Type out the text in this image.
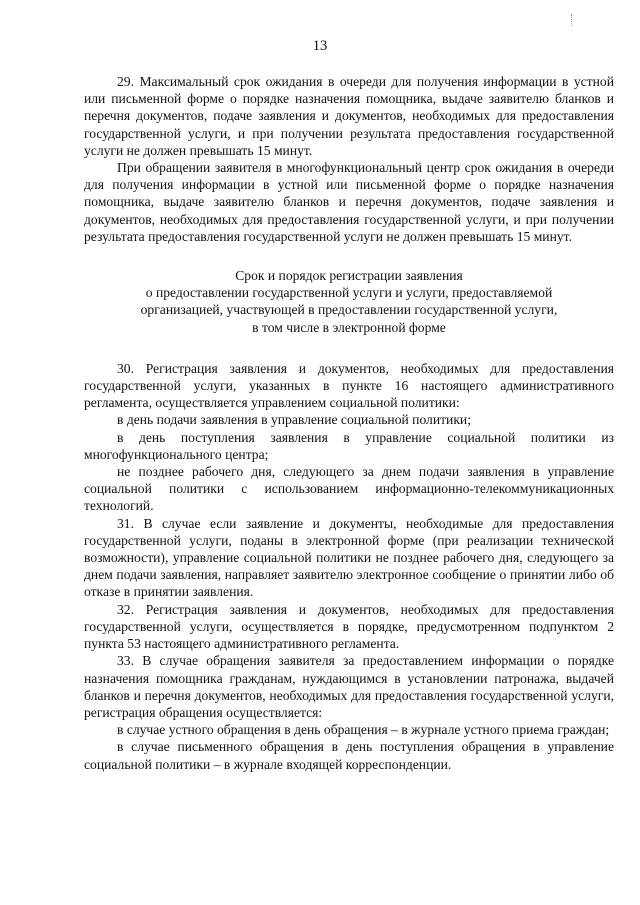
13

29. Максимальный срок ожидания в очереди для получения информации в устной или письменной форме о порядке назначения помощника, выдаче заявителю бланков и перечня документов, подаче заявления и документов, необходимых для предоставления государственной услуги, и при получении результата предоставления государственной услуги не должен превышать 15 минут.

При обращении заявителя в многофункциональный центр срок ожидания в очереди для получения информации в устной или письменной форме о порядке назначения помощника, выдаче заявителю бланков и перечня документов, подаче заявления и документов, необходимых для предоставления государственной услуги, и при получении результата предоставления государственной услуги не должен превышать 15 минут.

Срок и порядок регистрации заявления
о предоставлении государственной услуги и услуги, предоставляемой
организацией, участвующей в предоставлении государственной услуги,
в том числе в электронной форме

30. Регистрация заявления и документов, необходимых для предоставления государственной услуги, указанных в пункте 16 настоящего административного регламента, осуществляется управлением социальной политики:

в день подачи заявления в управление социальной политики;

в день поступления заявления в управление социальной политики из многофункционального центра;

не позднее рабочего дня, следующего за днем подачи заявления в управление социальной политики с использованием информационно-телекоммуникационных технологий.

31. В случае если заявление и документы, необходимые для предоставления государственной услуги, поданы в электронной форме (при реализации технической возможности), управление социальной политики не позднее рабочего дня, следующего за днем подачи заявления, направляет заявителю электронное сообщение о принятии либо об отказе в принятии заявления.

32. Регистрация заявления и документов, необходимых для предоставления государственной услуги, осуществляется в порядке, предусмотренном подпунктом 2 пункта 53 настоящего административного регламента.

33. В случае обращения заявителя за предоставлением информации о порядке назначения помощника гражданам, нуждающимся в установлении патронажа, выдачей бланков и перечня документов, необходимых для предоставления государственной услуги, регистрация обращения осуществляется:

в случае устного обращения в день обращения – в журнале устного приема граждан;

в случае письменного обращения в день поступления обращения в управление социальной политики – в журнале входящей корреспонденции.
